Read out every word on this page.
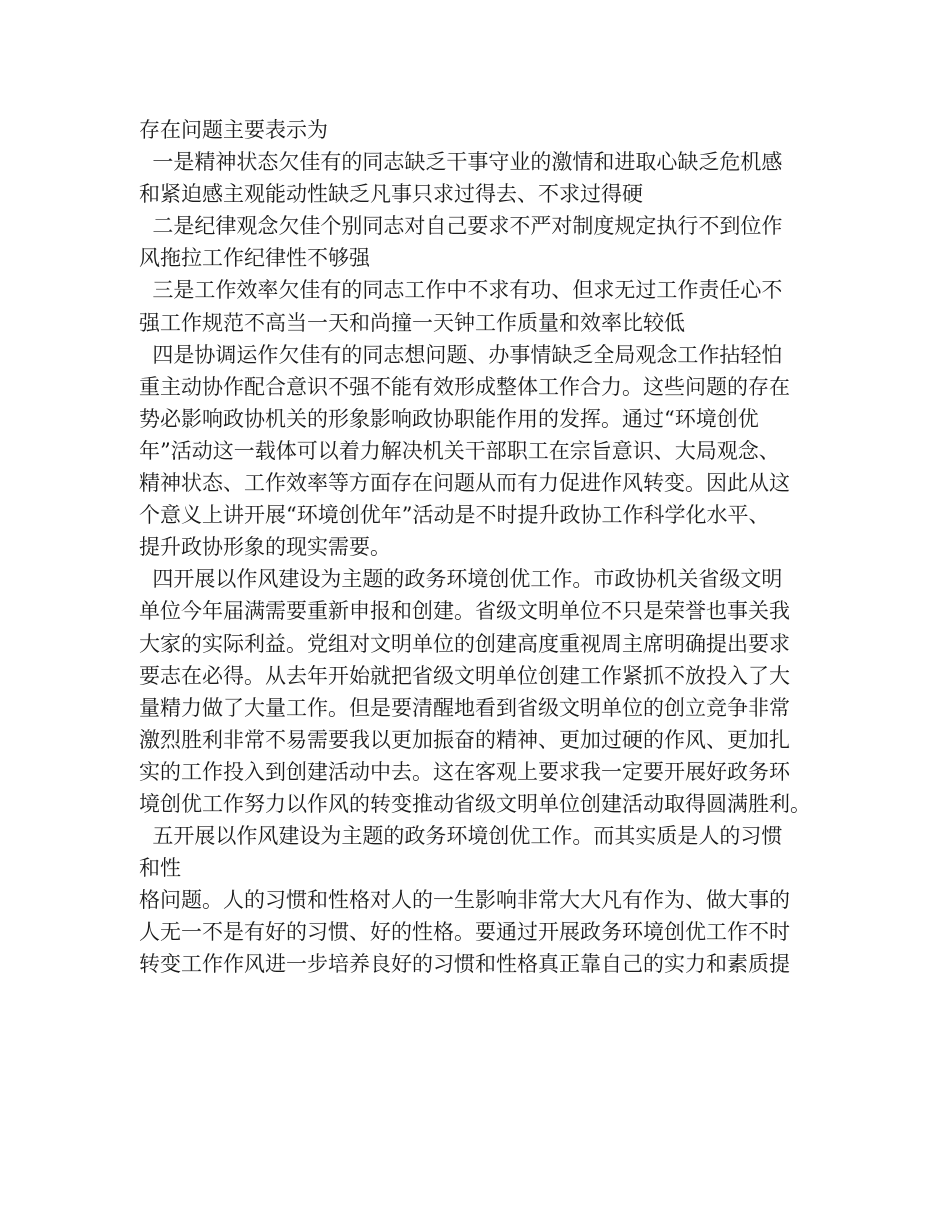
存在问题主要表示为
一是精神状态欠佳有的同志缺乏干事守业的激情和进取心缺乏危机感
和紧迫感主观能动性缺乏凡事只求过得去、不求过得硬
二是纪律观念欠佳个别同志对自己要求不严对制度规定执行不到位作
风拖拉工作纪律性不够强
三是工作效率欠佳有的同志工作中不求有功、但求无过工作责任心不
强工作规范不高当一天和尚撞一天钟工作质量和效率比较低
四是协调运作欠佳有的同志想问题、办事情缺乏全局观念工作拈轻怕
重主动协作配合意识不强不能有效形成整体工作合力。这些问题的存在
势必影响政协机关的形象影响政协职能作用的发挥。通过“环境创优
年”活动这一载体可以着力解决机关干部职工在宗旨意识、大局观念、
精神状态、工作效率等方面存在问题从而有力促进作风转变。因此从这
个意义上讲开展“环境创优年”活动是不时提升政协工作科学化水平、
提升政协形象的现实需要。
四开展以作风建设为主题的政务环境创优工作。市政协机关省级文明
单位今年届满需要重新申报和创建。省级文明单位不只是荣誉也事关我
大家的实际利益。党组对文明单位的创建高度重视周主席明确提出要求
要志在必得。从去年开始就把省级文明单位创建工作紧抓不放投入了大
量精力做了大量工作。但是要清醒地看到省级文明单位的创立竞争非常
激烈胜利非常不易需要我以更加振奋的精神、更加过硬的作风、更加扎
实的工作投入到创建活动中去。这在客观上要求我一定要开展好政务环
境创优工作努力以作风的转变推动省级文明单位创建活动取得圆满胜利。
五开展以作风建设为主题的政务环境创优工作。而其实质是人的习惯
和性
格问题。人的习惯和性格对人的一生影响非常大大凡有作为、做大事的
人无一不是有好的习惯、好的性格。要通过开展政务环境创优工作不时
转变工作作风进一步培养良好的习惯和性格真正靠自己的实力和素质提
